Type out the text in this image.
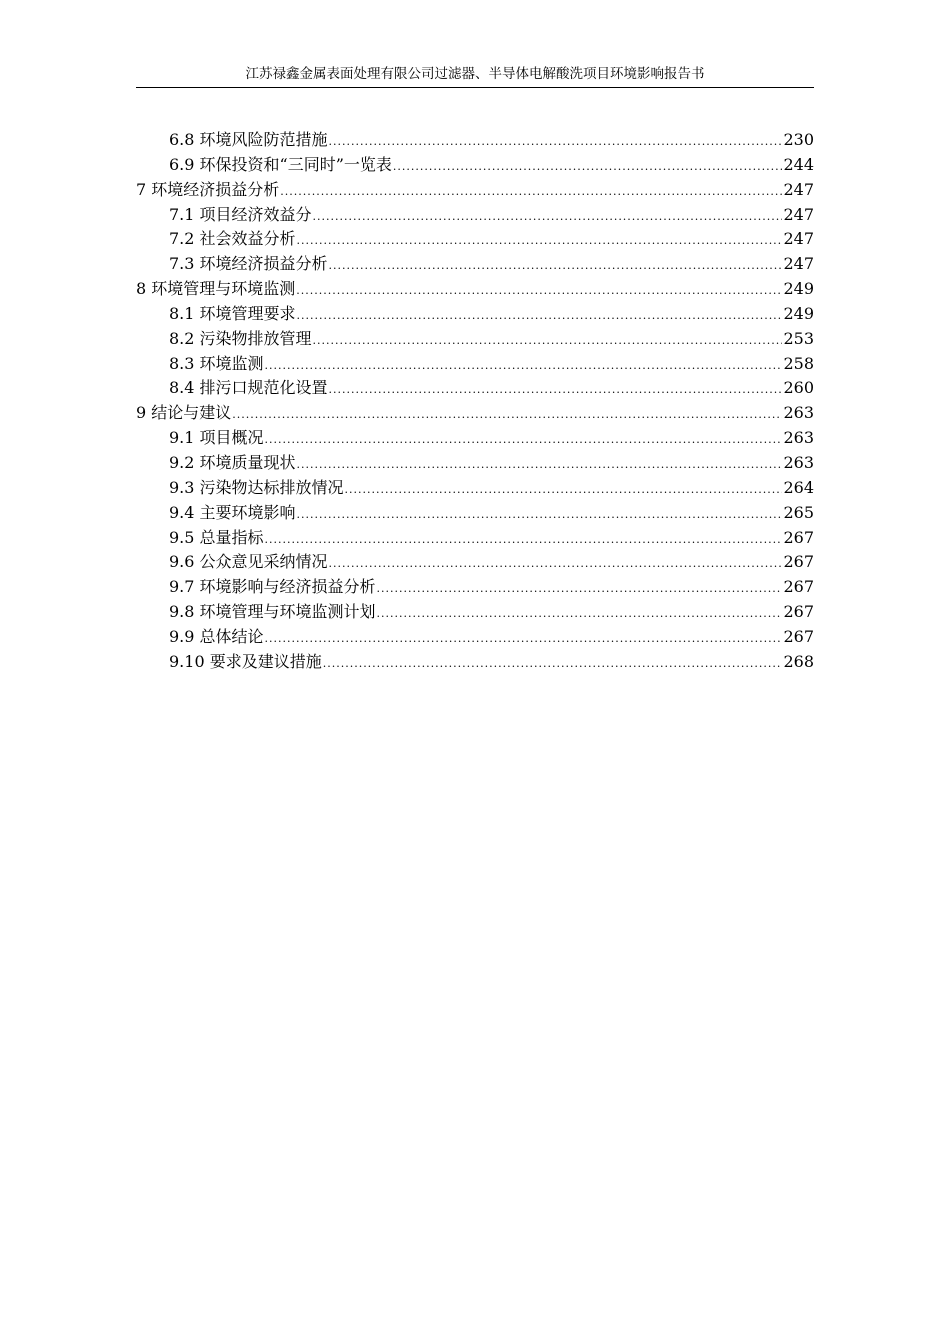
江苏禄鑫金属表面处理有限公司过滤器、半导体电解酸洗项目环境影响报告书
6.8 环境风险防范措施 .....	230
6.9 环保投资和“三同时”一览表 .....	244
7 环境经济损益分析 .....	247
7.1 项目经济效益分 .....	247
7.2 社会效益分析 .....	247
7.3 环境经济损益分析 .....	247
8 环境管理与环境监测 .....	249
8.1 环境管理要求 .....	249
8.2 污染物排放管理 .....	253
8.3 环境监测 .....	258
8.4 排污口规范化设置 .....	260
9 结论与建议 .....	263
9.1 项目概况 .....	263
9.2 环境质量现状 .....	263
9.3 污染物达标排放情况 .....	264
9.4 主要环境影响 .....	265
9.5 总量指标 .....	267
9.6 公众意见采纳情况 .....	267
9.7 环境影响与经济损益分析 .....	267
9.8 环境管理与环境监测计划 .....	267
9.9 总体结论 .....	267
9.10 要求及建议措施 .....	268
